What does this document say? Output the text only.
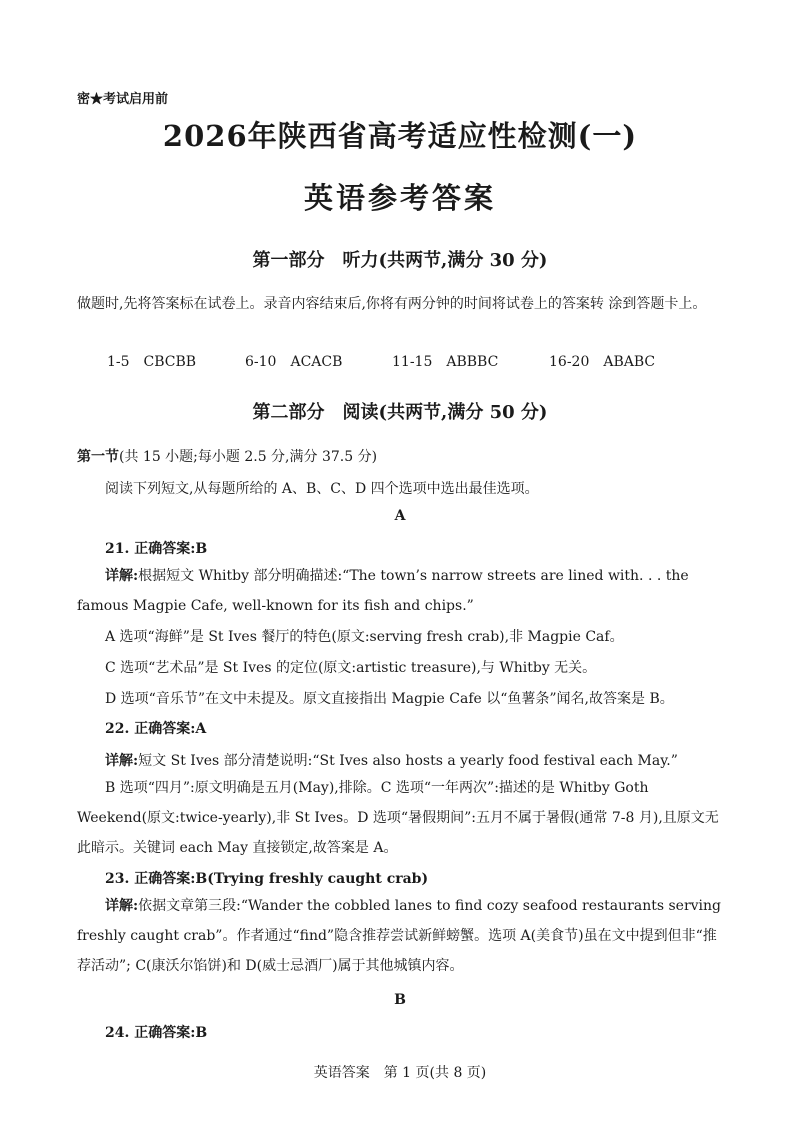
密★考试启用前
2026年陕西省高考适应性检测(一)
英语参考答案
第一部分　听力(共两节,满分 30 分)
做题时,先将答案标在试卷上。录音内容结束后,你将有两分钟的时间将试卷上的答案转 涂到答题卡上。
1-5 CBCBB	6-10 ACACB	11-15 ABBBC	16-20 ABABC
第二部分　阅读(共两节,满分 50 分)
第一节(共 15 小题;每小题 2.5 分,满分 37.5 分)
阅读下列短文,从每题所给的 A、B、C、D 四个选项中选出最佳选项。
A
21. 正确答案:B
详解:根据短文 Whitby 部分明确描述:“The town’s narrow streets are lined with. . . the famous Magpie Cafe, well-known for its fish and chips.”
A 选项“海鲜”是 St Ives 餐厅的特色(原文:serving fresh crab),非 Magpie Caf。
C 选项“艺术品”是 St Ives 的定位(原文:artistic treasure),与 Whitby 无关。
D 选项“音乐节”在文中未提及。原文直接指出 Magpie Cafe 以“鱼薯条”闻名,故答案是 B。
22. 正确答案:A
详解:短文 St Ives 部分清楚说明:“St Ives also hosts a yearly food festival each May.”
B 选项“四月”:原文明确是五月(May),排除。C 选项“一年两次”:描述的是 Whitby Goth Weekend(原文:twice-yearly),非 St Ives。D 选项“暑假期间”:五月不属于暑假(通常 7-8 月),且原文无此暗示。关键词 each May 直接锁定,故答案是 A。
23. 正确答案:B(Trying freshly caught crab)
详解:依据文章第三段:“Wander the cobbled lanes to find cozy seafood restaurants serving freshly caught crab”。作者通过“find”隐含推荐尝试新鲜螃蟹。选项 A(美食节)虽在文中提到但非“推荐活动”; C(康沃尔馅饼)和 D(威士忌酒厂)属于其他城镇内容。
B
24. 正确答案:B
英语答案　第 1 页(共 8 页)
